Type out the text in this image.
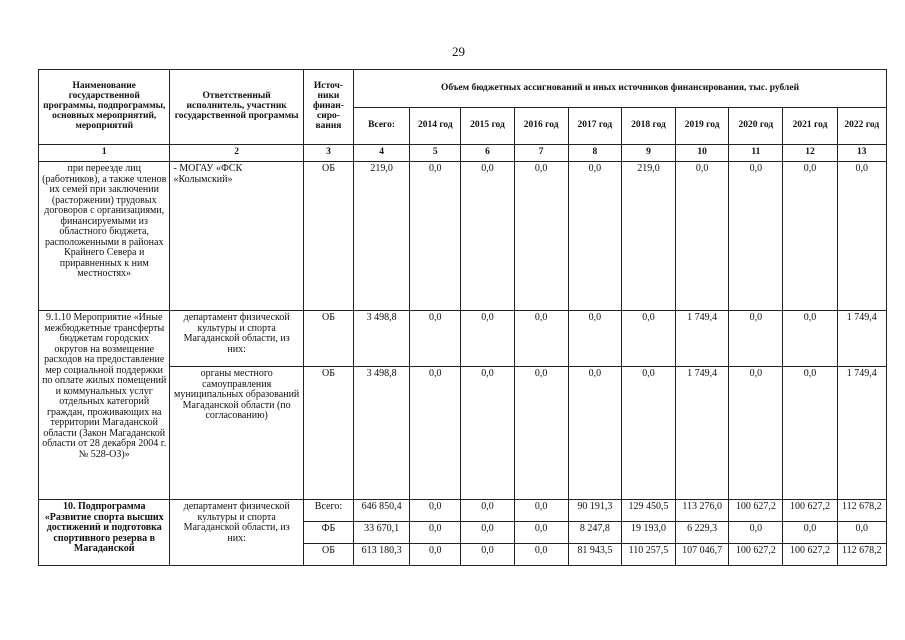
29
Наименование государственной программы, подпрограммы, основных мероприятий, мероприятий	Ответственный исполнитель, участник государственной программы	Источ-ники финан-сиро-вания	Объем бюджетных ассигнований и иных источников финансирования, тыс. рублей									
			Всего:	2014 год	2015 год	2016 год	2017 год	2018 год	2019 год	2020 год	2021 год	2022 год
1	2	3	4	5	6	7	8	9	10	11	12	13
при переезде лиц (работников), а также членов их семей при заключении (расторжении) трудовых договоров с организациями, финансируемыми из областного бюджета, расположенными в районах Крайнего Севера и приравненных к ним местностях»	- МОГАУ «ФСК «Колымский»	ОБ	219,0	0,0	0,0	0,0	0,0	219,0	0,0	0,0	0,0	0,0
9.1.10 Мероприятие «Иные межбюджетные трансферты бюджетам городских округов на возмещение расходов на предоставление мер социальной поддержки по оплате жилых помещений и коммунальных услуг отдельных категорий граждан, проживающих на территории Магаданской области (Закон Магаданской области от 28 декабря 2004 г. № 528-ОЗ)»	департамент физической культуры и спорта Магаданской области, из них:	ОБ	3 498,8	0,0	0,0	0,0	0,0	0,0	1 749,4	0,0	0,0	1 749,4
	органы местного самоуправления муниципальных образований Магаданской области (по согласованию)	ОБ	3 498,8	0,0	0,0	0,0	0,0	0,0	1 749,4	0,0	0,0	1 749,4
10. Подпрограмма «Развитие спорта высших достижений и подготовка спортивного резерва в Магаданской	департамент физической культуры и спорта Магаданской области, из них:	Всего:	646 850,4	0,0	0,0	0,0	90 191,3	129 450,5	113 276,0	100 627,2	100 627,2	112 678,2
		ФБ	33 670,1	0,0	0,0	0,0	8 247,8	19 193,0	6 229,3	0,0	0,0	0,0
		ОБ	613 180,3	0,0	0,0	0,0	81 943,5	110 257,5	107 046,7	100 627,2	100 627,2	112 678,2
